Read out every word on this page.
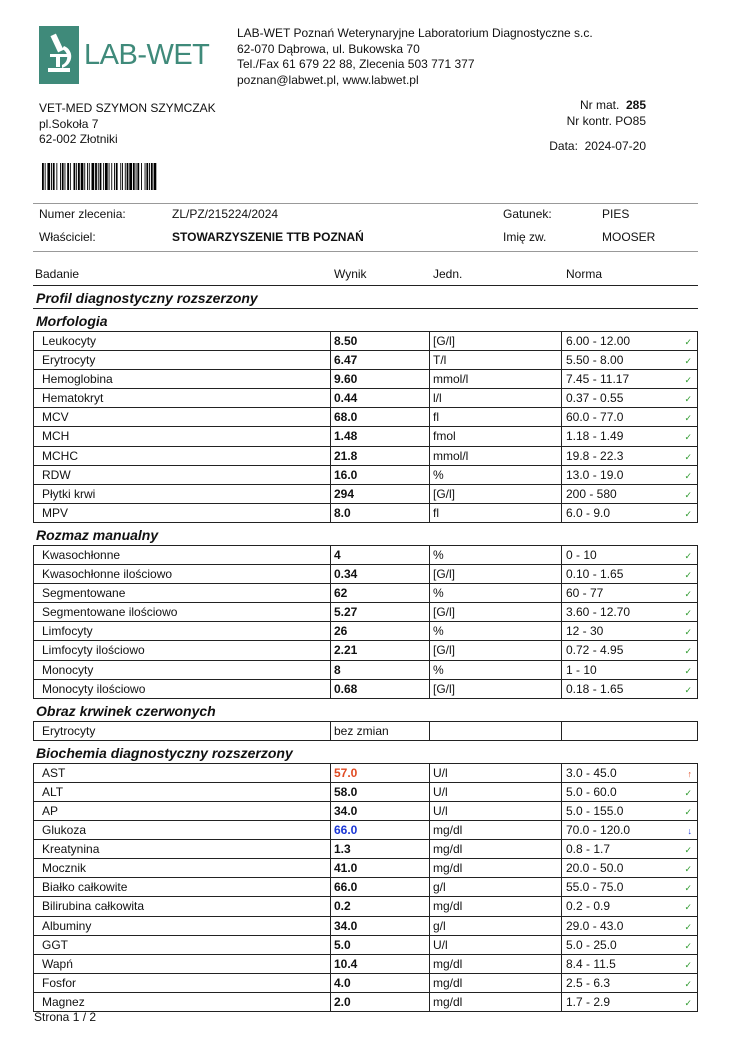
LAB-WET
LAB-WET Poznań Weterynaryjne Laboratorium Diagnostyczne s.c.
62-070 Dąbrowa, ul. Bukowska 70
Tel./Fax 61 679 22 88, Zlecenia 503 771 377
poznan@labwet.pl, www.labwet.pl
VET-MED SZYMON SZYMCZAK
pl.Sokoła 7
62-002 Złotniki
Nr mat. 285
Nr kontr. PO85
Data: 2024-07-20
Numer zlecenia:	ZL/PZ/215224/2024	Gatunek:	PIES
Właściciel:	STOWARZYSZENIE TTB POZNAŃ	Imię zw.	MOOSER
Badanie	Wynik	Jedn.	Norma
Profil diagnostyczny rozszerzony
Morfologia
Leukocyty	8.50	[G/l]	6.00 - 12.00	✓
Erytrocyty	6.47	T/l	5.50 - 8.00	✓
Hemoglobina	9.60	mmol/l	7.45 - 11.17	✓
Hematokryt	0.44	l/l	0.37 - 0.55	✓
MCV	68.0	fl	60.0 - 77.0	✓
MCH	1.48	fmol	1.18 - 1.49	✓
MCHC	21.8	mmol/l	19.8 - 22.3	✓
RDW	16.0	%	13.0 - 19.0	✓
Płytki krwi	294	[G/l]	200 - 580	✓
MPV	8.0	fl	6.0 - 9.0	✓
Rozmaz manualny
Kwasochłonne	4	%	0 - 10	✓
Kwasochłonne ilościowo	0.34	[G/l]	0.10 - 1.65	✓
Segmentowane	62	%	60 - 77	✓
Segmentowane ilościowo	5.27	[G/l]	3.60 - 12.70	✓
Limfocyty	26	%	12 - 30	✓
Limfocyty ilościowo	2.21	[G/l]	0.72 - 4.95	✓
Monocyty	8	%	1 - 10	✓
Monocyty ilościowo	0.68	[G/l]	0.18 - 1.65	✓
Obraz krwinek czerwonych
Erytrocyty	bez zmian
Biochemia diagnostyczny rozszerzony
AST	57.0	U/l	3.0 - 45.0	↑
ALT	58.0	U/l	5.0 - 60.0	✓
AP	34.0	U/l	5.0 - 155.0	✓
Glukoza	66.0	mg/dl	70.0 - 120.0	↓
Kreatynina	1.3	mg/dl	0.8 - 1.7	✓
Mocznik	41.0	mg/dl	20.0 - 50.0	✓
Białko całkowite	66.0	g/l	55.0 - 75.0	✓
Bilirubina całkowita	0.2	mg/dl	0.2 - 0.9	✓
Albuminy	34.0	g/l	29.0 - 43.0	✓
GGT	5.0	U/l	5.0 - 25.0	✓
Wapń	10.4	mg/dl	8.4 - 11.5	✓
Fosfor	4.0	mg/dl	2.5 - 6.3	✓
Magnez	2.0	mg/dl	1.7 - 2.9	✓
Strona 1 / 2
